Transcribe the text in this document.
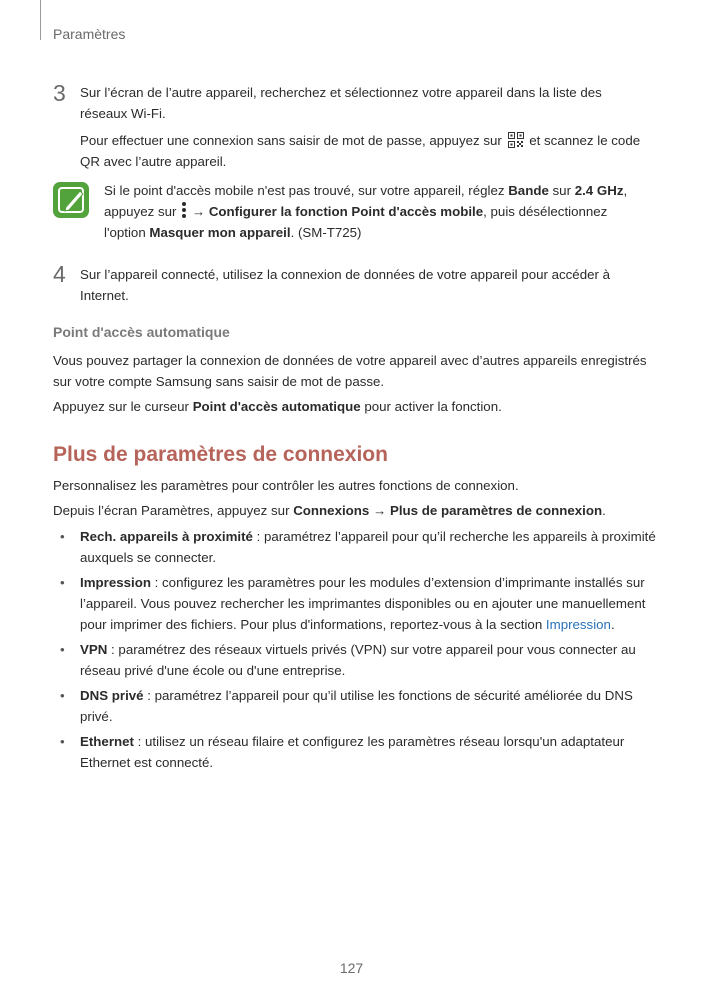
Paramètres
3 Sur l’écran de l’autre appareil, recherchez et sélectionnez votre appareil dans la liste des réseaux Wi-Fi.

Pour effectuer une connexion sans saisir de mot de passe, appuyez sur et scannez le code QR avec l’autre appareil.

Si le point d'accès mobile n'est pas trouvé, sur votre appareil, réglez Bande sur 2.4 GHz, appuyez sur  → Configurer la fonction Point d'accès mobile, puis désélectionnez l'option Masquer mon appareil. (SM-T725)
4 Sur l’appareil connecté, utilisez la connexion de données de votre appareil pour accéder à Internet.
Point d'accès automatique
Vous pouvez partager la connexion de données de votre appareil avec d’autres appareils enregistrés sur votre compte Samsung sans saisir de mot de passe.
Appuyez sur le curseur Point d'accès automatique pour activer la fonction.
Plus de paramètres de connexion
Personnalisez les paramètres pour contrôler les autres fonctions de connexion.
Depuis l’écran Paramètres, appuyez sur Connexions → Plus de paramètres de connexion.
• Rech. appareils à proximité : paramétrez l’appareil pour qu’il recherche les appareils à proximité auxquels se connecter.
• Impression : configurez les paramètres pour les modules d’extension d’imprimante installés sur l’appareil. Vous pouvez rechercher les imprimantes disponibles ou en ajouter une manuellement pour imprimer des fichiers. Pour plus d'informations, reportez-vous à la section Impression.
• VPN : paramétrez des réseaux virtuels privés (VPN) sur votre appareil pour vous connecter au réseau privé d'une école ou d'une entreprise.
• DNS privé : paramétrez l’appareil pour qu’il utilise les fonctions de sécurité améliorée du DNS privé.
• Ethernet : utilisez un réseau filaire et configurez les paramètres réseau lorsqu'un adaptateur Ethernet est connecté.
127
